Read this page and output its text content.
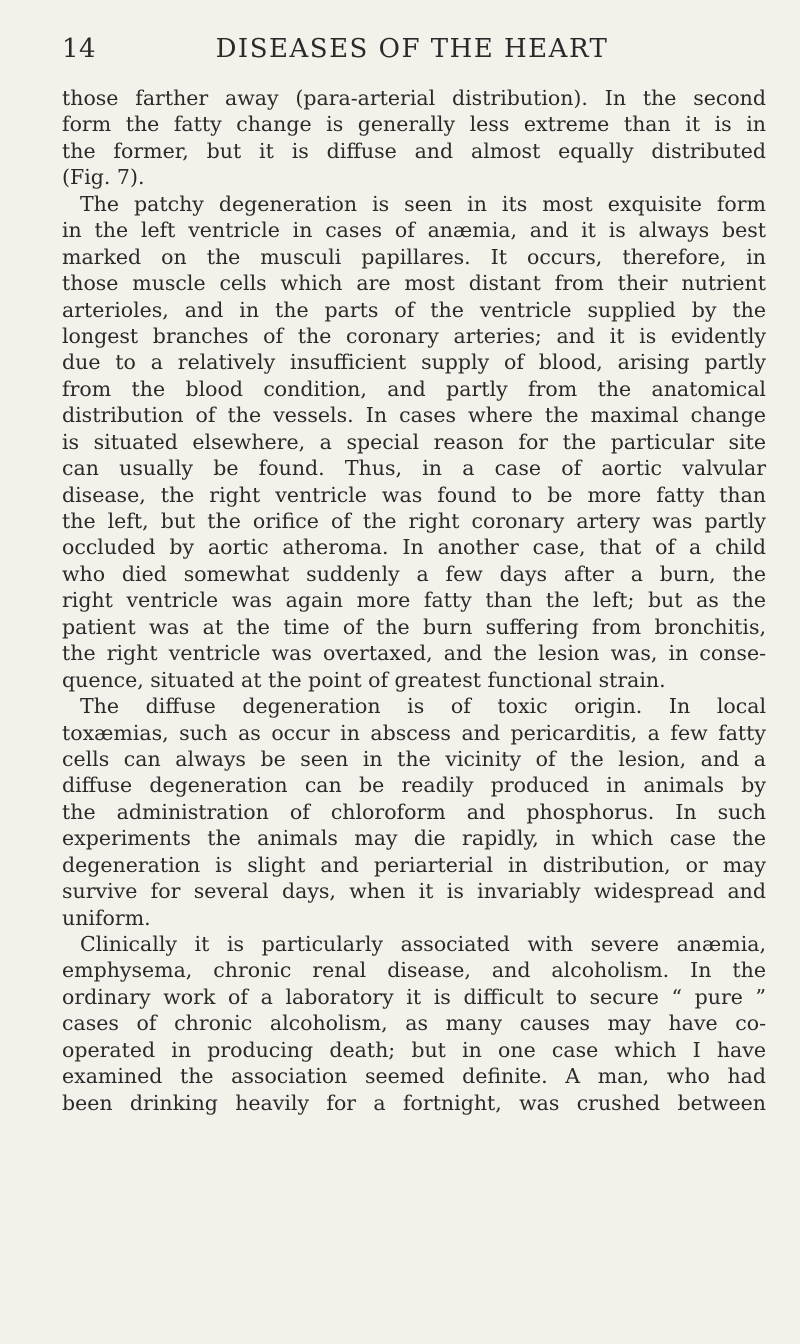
14	DISEASES OF THE HEART
those farther away (para-arterial distribution). In the second
form the fatty change is generally less extreme than it is in
the former, but it is diffuse and almost equally distributed
(Fig. 7).
The patchy degeneration is seen in its most exquisite form
in the left ventricle in cases of anæmia, and it is always best
marked on the musculi papillares. It occurs, therefore, in
those muscle cells which are most distant from their nutrient
arterioles, and in the parts of the ventricle supplied by the
longest branches of the coronary arteries; and it is evidently
due to a relatively insufficient supply of blood, arising partly
from the blood condition, and partly from the anatomical
distribution of the vessels. In cases where the maximal change
is situated elsewhere, a special reason for the particular site
can usually be found. Thus, in a case of aortic valvular
disease, the right ventricle was found to be more fatty than
the left, but the orifice of the right coronary artery was partly
occluded by aortic atheroma. In another case, that of a child
who died somewhat suddenly a few days after a burn, the
right ventricle was again more fatty than the left; but as the
patient was at the time of the burn suffering from bronchitis,
the right ventricle was overtaxed, and the lesion was, in conse-
quence, situated at the point of greatest functional strain.
The diffuse degeneration is of toxic origin. In local
toxæmias, such as occur in abscess and pericarditis, a few fatty
cells can always be seen in the vicinity of the lesion, and a
diffuse degeneration can be readily produced in animals by
the administration of chloroform and phosphorus. In such
experiments the animals may die rapidly, in which case the
degeneration is slight and periarterial in distribution, or may
survive for several days, when it is invariably widespread and
uniform.
Clinically it is particularly associated with severe anæmia,
emphysema, chronic renal disease, and alcoholism. In the
ordinary work of a laboratory it is difficult to secure “ pure ”
cases of chronic alcoholism, as many causes may have co-
operated in producing death; but in one case which I have
examined the association seemed definite. A man, who had
been drinking heavily for a fortnight, was crushed between
